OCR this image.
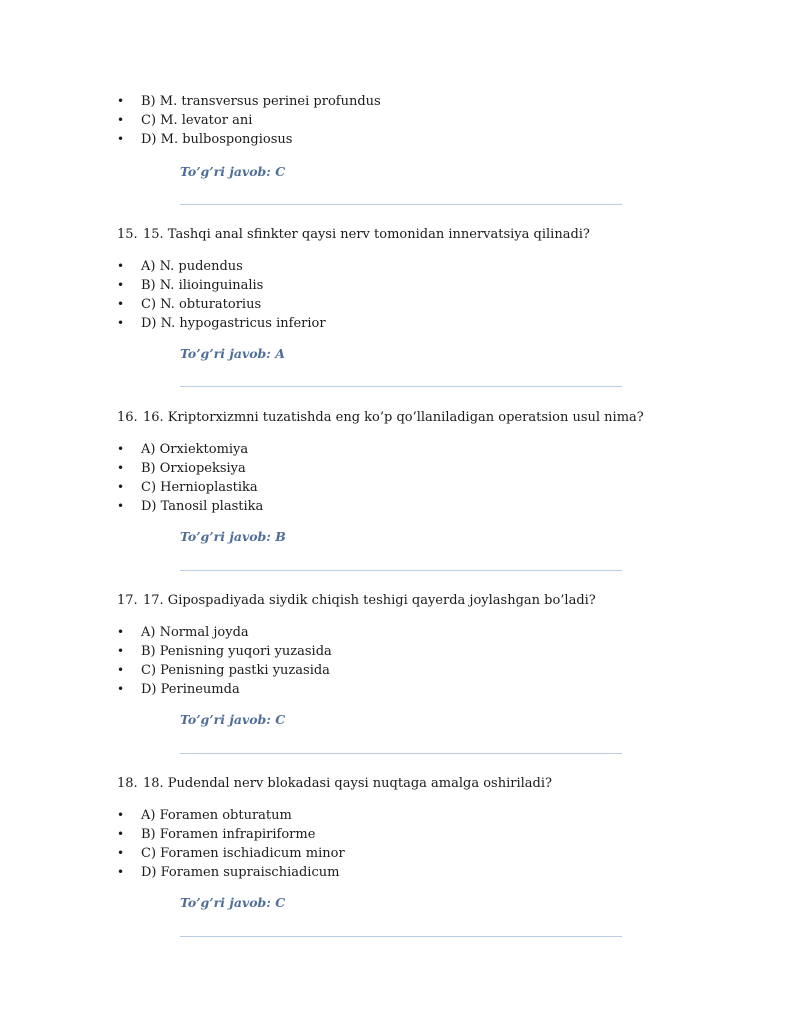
• B) M. transversus perinei profundus
• C) M. levator ani
• D) M. bulbospongiosus

To’g’ri javob: C

15. 15. Tashqi anal sfinkter qaysi nerv tomonidan innervatsiya qilinadi?

• A) N. pudendus
• B) N. ilioinguinalis
• C) N. obturatorius
• D) N. hypogastricus inferior

To’g’ri javob: A

16. 16. Kriptorxizmni tuzatishda eng ko’p qo’llaniladigan operatsion usul nima?

• A) Orxiektomiya
• B) Orxiopeksiya
• C) Hernioplastika
• D) Tanosil plastika

To’g’ri javob: B

17. 17. Gipospadiyada siydik chiqish teshigi qayerda joylashgan bo’ladi?

• A) Normal joyda
• B) Penisning yuqori yuzasida
• C) Penisning pastki yuzasida
• D) Perineumda

To’g’ri javob: C

18. 18. Pudendal nerv blokadasi qaysi nuqtaga amalga oshiriladi?

• A) Foramen obturatum
• B) Foramen infrapiriforme
• C) Foramen ischiadicum minor
• D) Foramen supraischiadicum

To’g’ri javob: C
